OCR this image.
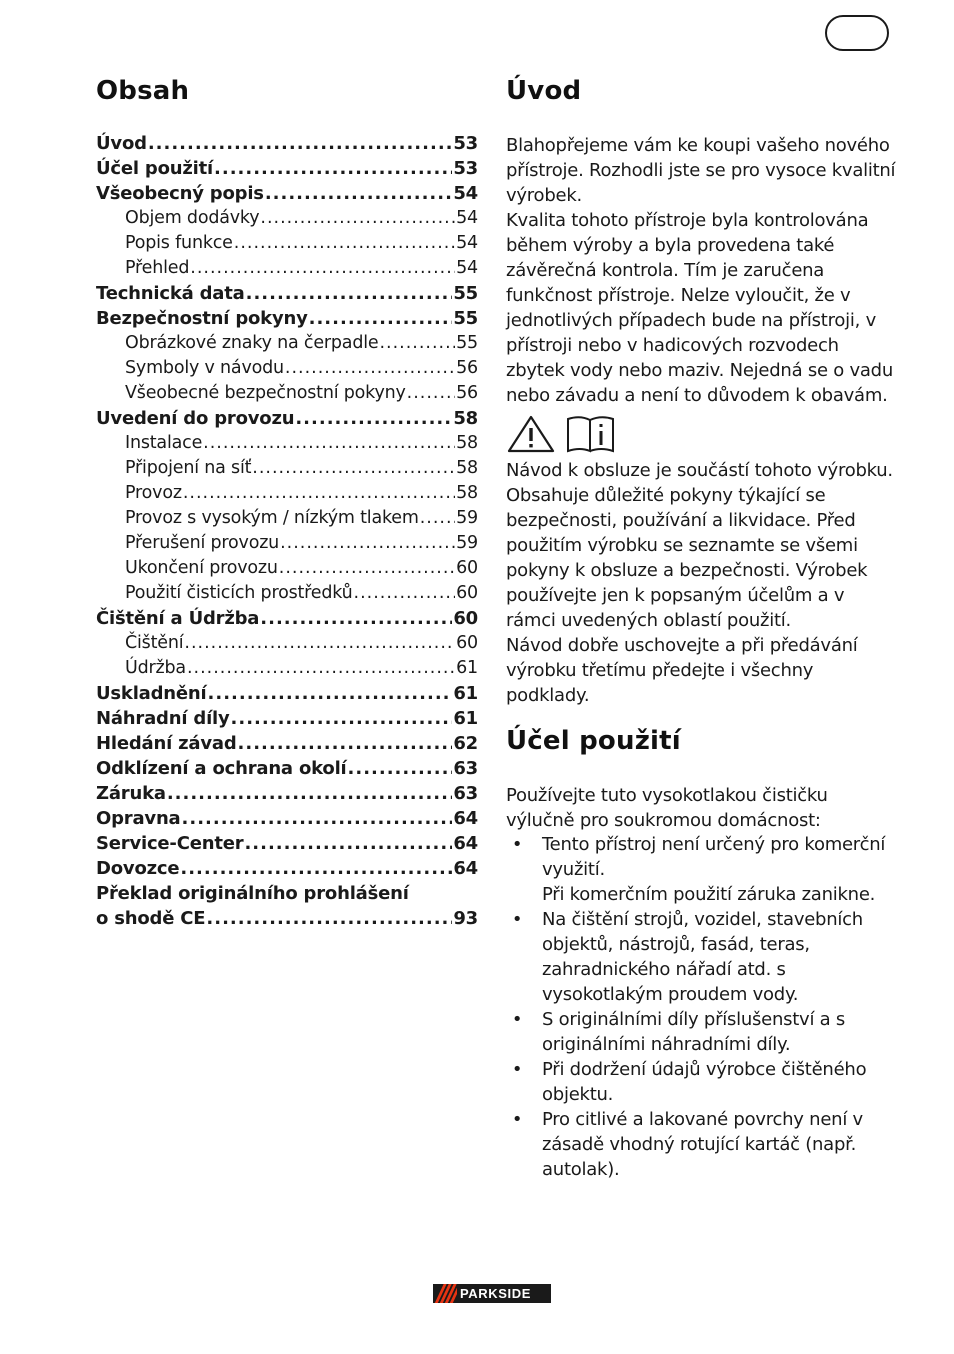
Obsah
Úvod .....	53
Účel použití .....	53
Všeobecný popis .....	54
Objem dodávky .....	54
Popis funkce .....	54
Přehled .....	54
Technická data .....	55
Bezpečnostní pokyny .....	55
Obrázkové znaky na čerpadle .....	55
Symboly v návodu .....	56
Všeobecné bezpečnostní pokyny .....	56
Uvedení do provozu .....	58
Instalace .....	58
Připojení na síť .....	58
Provoz .....	58
Provoz s vysokým / nízkým tlakem ..... 59
Přerušení provozu .....	59
Ukončení provozu .....	60
Použití čisticích prostředků .....	60
Čištění a Údržba .....	60
Čištění .....	60
Údržba .....	61
Uskladnění .....	61
Náhradní díly .....	61
Hledání závad .....	62
Odklízení a ochrana okolí .....	63
Záruka .....	63
Opravna .....	64
Service-Center .....	64
Dovozce .....	64
Překlad originálního prohlášení
o shodě CE .....	93
Úvod

Blahopřejeme vám ke koupi vašeho nového přístroje. Rozhodli jste se pro vysoce kvalitní výrobek.

Kvalita tohoto přístroje byla kontrolována během výroby a byla provedena také závěrečná kontrola. Tím je zaručena funkčnost přístroje. Nelze vyloučit, že v jednotlivých případech bude na přístroji, v přístroji nebo v hadicových rozvodech zbytek vody nebo maziv. Nejedná se o vadu nebo závadu a není to důvodem k obavám.

Návod k obsluze je součástí tohoto výrobku. Obsahuje důležité pokyny týkající se bezpečnosti, používání a likvidace. Před použitím výrobku se seznamte se všemi pokyny k obsluze a bezpečnosti. Výrobek používejte jen k popsaným účelům a v rámci uvedených oblastí použití.

Návod dobře uschovejte a při předávání výrobku třetímu předejte i všechny podklady.

Účel použití

Používejte tuto vysokotlakou čističku výlučně pro soukromou domácnost:

• Tento přístroj není určený pro komerční využití.
Při komerčním použití záruka zanikne.
• Na čištění strojů, vozidel, stavebních objektů, nástrojů, fasád, teras, zahradnického nářadí atd. s vysokotlakým proudem vody.
• S originálními díly příslušenství a s originálními náhradními díly.
• Při dodržení údajů výrobce čištěného objektu.
• Pro citlivé a lakované povrchy není v zásadě vhodný rotující kartáč (např. autolak).
PARKSIDE
